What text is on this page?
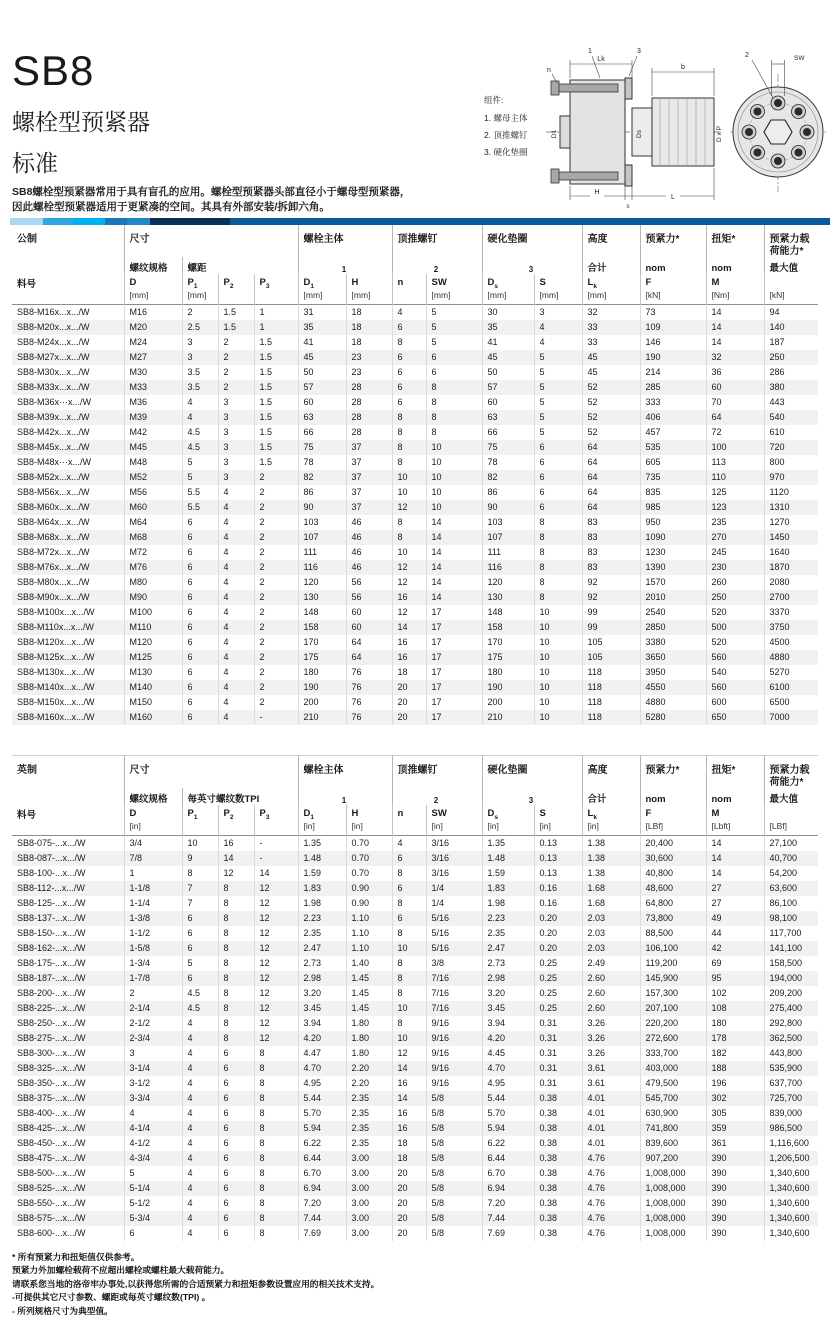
SB8
螺栓型预紧器
标准
SB8螺栓型预紧器常用于具有盲孔的应用。螺栓型预紧器头部直径小于螺母型预紧器，
因此螺栓型预紧器适用于更紧凑的空间。其具有外部安装/拆卸六角。
组件:
1. 螺母主体
2. 顶推螺钉
3. 硬化垫圈
Lk
b
1	3
n
H
s
L
D1	Ds	D x P
SW
2
公制	尺寸				螺栓主体		顶推螺钉		硬化垫圈		高度	预紧力*	扭矩*	预紧力载荷能力*
	螺纹规格	螺距			1		2		3		合计	nom	nom	最大值
料号	D	$P_1$	$P_2$	$P_3$	$D_1$	H	n	SW	$D_s$	S	$L_k$	F	M	
	[mm]	[mm]			[mm]	[mm]		[mm]	[mm]	[mm]	[mm]	[kN]	[Nm]	[kN]
SB8-M16x...x.../W	M16	2	1.5	1	31	18	4	5	30	3	32	73	14	94
SB8-M20x...x.../W	M20	2.5	1.5	1	35	18	6	5	35	4	33	109	14	140
SB8-M24x...x.../W	M24	3	2	1.5	41	18	8	5	41	4	33	146	14	187
SB8-M27x...x.../W	M27	3	2	1.5	45	23	6	6	45	5	45	190	32	250
SB8-M30x...x.../W	M30	3.5	2	1.5	50	23	6	6	50	5	45	214	36	286
SB8-M33x...x.../W	M33	3.5	2	1.5	57	28	6	8	57	5	52	285	60	380
SB8-M36x···x.../W	M36	4	3	1.5	60	28	6	8	60	5	52	333	70	443
SB8-M39x...x.../W	M39	4	3	1.5	63	28	8	8	63	5	52	406	64	540
SB8-M42x...x.../W	M42	4.5	3	1.5	66	28	8	8	66	5	52	457	72	610
SB8-M45x...x.../W	M45	4.5	3	1.5	75	37	8	10	75	6	64	535	100	720
SB8-M48x···x.../W	M48	5	3	1.5	78	37	8	10	78	6	64	605	113	800
SB8-M52x...x.../W	M52	5	3	2	82	37	10	10	82	6	64	735	110	970
SB8-M56x...x.../W	M56	5.5	4	2	86	37	10	10	86	6	64	835	125	1120
SB8-M60x...x.../W	M60	5.5	4	2	90	37	12	10	90	6	64	985	123	1310
SB8-M64x...x.../W	M64	6	4	2	103	46	8	14	103	8	83	950	235	1270
SB8-M68x...x.../W	M68	6	4	2	107	46	8	14	107	8	83	1090	270	1450
SB8-M72x...x.../W	M72	6	4	2	111	46	10	14	111	8	83	1230	245	1640
SB8-M76x...x.../W	M76	6	4	2	116	46	12	14	116	8	83	1390	230	1870
SB8-M80x...x.../W	M80	6	4	2	120	56	12	14	120	8	92	1570	260	2080
SB8-M90x...x.../W	M90	6	4	2	130	56	16	14	130	8	92	2010	250	2700
SB8-M100x...x.../W	M100	6	4	2	148	60	12	17	148	10	99	2540	520	3370
SB8-M110x...x.../W	M110	6	4	2	158	60	14	17	158	10	99	2850	500	3750
SB8-M120x...x.../W	M120	6	4	2	170	64	16	17	170	10	105	3380	520	4500
SB8-M125x...x.../W	M125	6	4	2	175	64	16	17	175	10	105	3650	560	4880
SB8-M130x...x.../W	M130	6	4	2	180	76	18	17	180	10	118	3950	540	5270
SB8-M140x...x.../W	M140	6	4	2	190	76	20	17	190	10	118	4550	560	6100
SB8-M150x...x.../W	M150	6	4	2	200	76	20	17	200	10	118	4880	600	6500
SB8-M160x...x.../W	M160	6	4	-	210	76	20	17	210	10	118	5280	650	7000
英制	尺寸				螺栓主体		顶推螺钉		硬化垫圈		高度	预紧力*	扭矩*	预紧力载荷能力*
	螺纹规格	每英寸螺纹数TPI			1		2		3		合计	nom	nom	最大值
料号	D	$P_1$	$P_2$	$P_3$	$D_1$	H	n	SW	$D_s$	S	$L_k$	F	M	
	[in]				[in]	[in]		[in]	[in]	[in]	[in]	[LBf]	[Lbft]	[LBf]
SB8-075-...x.../W	3/4	10	16	-	1.35	0.70	4	3/16	1.35	0.13	1.38	20,400	14	27,100
SB8-087-...x.../W	7/8	9	14	-	1.48	0.70	6	3/16	1.48	0.13	1.38	30,600	14	40,700
SB8-100-...x.../W	1	8	12	14	1.59	0.70	8	3/16	1.59	0.13	1.38	40,800	14	54,200
SB8-112-...x.../W	1-1/8	7	8	12	1.83	0.90	6	1/4	1.83	0.16	1.68	48,600	27	63,600
SB8-125-...x.../W	1-1/4	7	8	12	1.98	0.90	8	1/4	1.98	0.16	1.68	64,800	27	86,100
SB8-137-...x.../W	1-3/8	6	8	12	2.23	1.10	6	5/16	2.23	0.20	2.03	73,800	49	98,100
SB8-150-...x.../W	1-1/2	6	8	12	2.35	1.10	8	5/16	2.35	0.20	2.03	88,500	44	117,700
SB8-162-...x.../W	1-5/8	6	8	12	2.47	1.10	10	5/16	2.47	0.20	2.03	106,100	42	141,100
SB8-175-...x.../W	1-3/4	5	8	12	2.73	1.40	8	3/8	2.73	0.25	2.49	119,200	69	158,500
SB8-187-...x.../W	1-7/8	6	8	12	2.98	1.45	8	7/16	2.98	0.25	2.60	145,900	95	194,000
SB8-200-...x.../W	2	4.5	8	12	3.20	1.45	8	7/16	3.20	0.25	2.60	157,300	102	209,200
SB8-225-...x.../W	2-1/4	4.5	8	12	3.45	1.45	10	7/16	3.45	0.25	2.60	207,100	108	275,400
SB8-250-...x.../W	2-1/2	4	8	12	3.94	1.80	8	9/16	3.94	0.31	3.26	220,200	180	292,800
SB8-275-...x.../W	2-3/4	4	8	12	4.20	1.80	10	9/16	4.20	0.31	3.26	272,600	178	362,500
SB8-300-...x.../W	3	4	6	8	4.47	1.80	12	9/16	4.45	0.31	3.26	333,700	182	443,800
SB8-325-...x.../W	3-1/4	4	6	8	4.70	2.20	14	9/16	4.70	0.31	3.61	403,000	188	535,900
SB8-350-...x.../W	3-1/2	4	6	8	4.95	2.20	16	9/16	4.95	0.31	3.61	479,500	196	637,700
SB8-375-...x.../W	3-3/4	4	6	8	5.44	2.35	14	5/8	5.44	0.38	4.01	545,700	302	725,700
SB8-400-...x.../W	4	4	6	8	5.70	2.35	16	5/8	5.70	0.38	4.01	630,900	305	839,000
SB8-425-...x.../W	4-1/4	4	6	8	5.94	2.35	16	5/8	5.94	0.38	4.01	741,800	359	986,500
SB8-450-...x.../W	4-1/2	4	6	8	6.22	2.35	18	5/8	6.22	0.38	4.01	839,600	361	1,116,600
SB8-475-...x.../W	4-3/4	4	6	8	6.44	3.00	18	5/8	6.44	0.38	4.76	907,200	390	1,206,500
SB8-500-...x.../W	5	4	6	8	6.70	3.00	20	5/8	6.70	0.38	4.76	1,008,000	390	1,340,600
SB8-525-...x.../W	5-1/4	4	6	8	6.94	3.00	20	5/8	6.94	0.38	4.76	1,008,000	390	1,340,600
SB8-550-...x.../W	5-1/2	4	6	8	7.20	3.00	20	5/8	7.20	0.38	4.76	1,008,000	390	1,340,600
SB8-575-...x.../W	5-3/4	4	6	8	7.44	3.00	20	5/8	7.44	0.38	4.76	1,008,000	390	1,340,600
SB8-600-...x.../W	6	4	6	8	7.69	3.00	20	5/8	7.69	0.38	4.76	1,008,000	390	1,340,600
* 所有预紧力和扭矩值仅供参考。
预紧力外加螺栓载荷不应超出螺栓或螺柱最大载荷能力。
请联系您当地的洛帝牢办事处,以获得您所需的合适预紧力和扭矩参数设置应用的相关技术支持。
-可提供其它尺寸参数、螺距或每英寸螺纹数(TPI) 。
- 所列规格尺寸为典型值。
